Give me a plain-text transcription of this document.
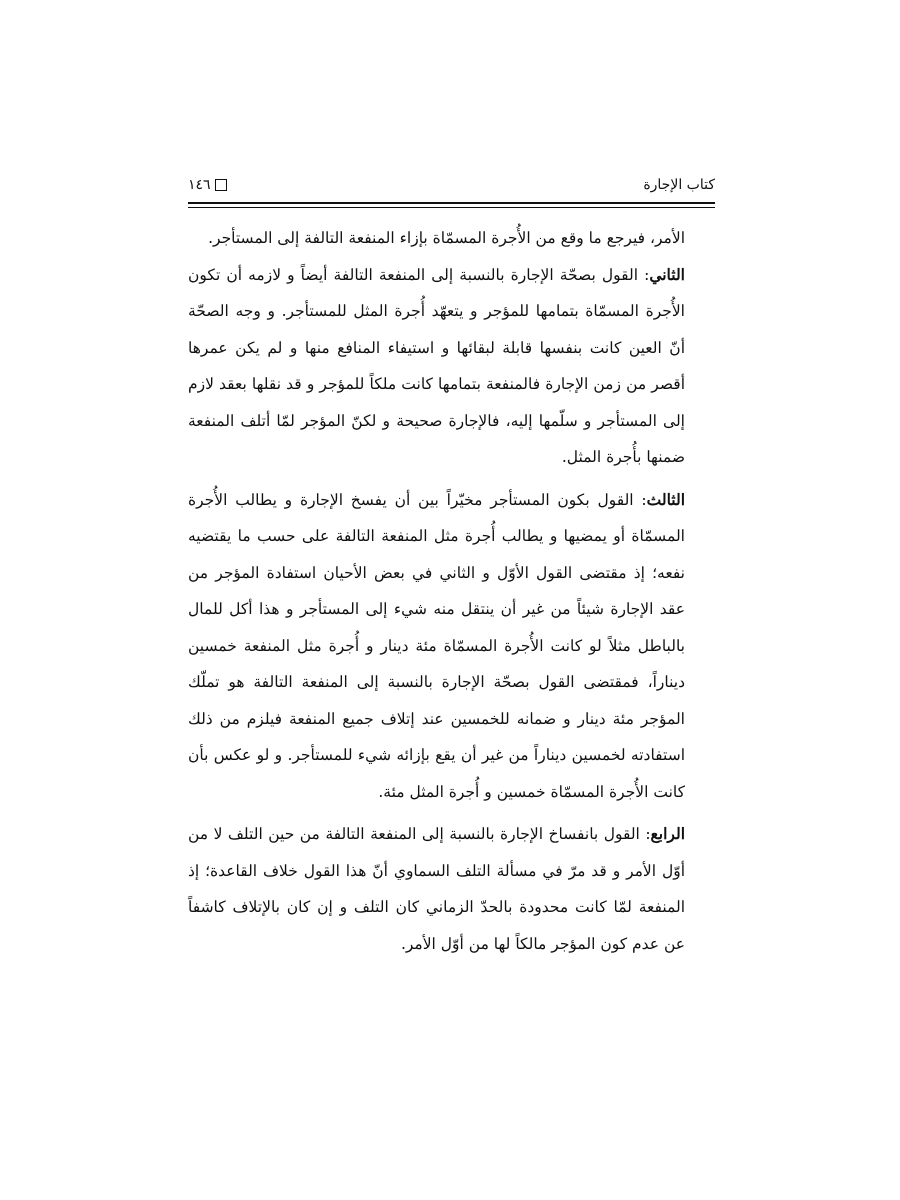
كتاب الإجارة
١٤٦

الأمر، فيرجع ما وقع من الأُجرة المسمّاة بإزاء المنفعة التالفة إلى المستأجر.

الثاني: القول بصحّة الإجارة بالنسبة إلى المنفعة التالفة أيضاً و لازمه أن تكون الأُجرة المسمّاة بتمامها للمؤجر و يتعهّد أُجرة المثل للمستأجر. و وجه الصحّة أنّ العين كانت بنفسها قابلة لبقائها و استيفاء المنافع منها و لم يكن عمرها أقصر من زمن الإجارة فالمنفعة بتمامها كانت ملكاً للمؤجر و قد نقلها بعقد لازم إلى المستأجر و سلّمها إليه، فالإجارة صحيحة و لكنّ المؤجر لمّا أتلف المنفعة ضمنها بأُجرة المثل.

الثالث: القول بكون المستأجر مخيّراً بين أن يفسخ الإجارة و يطالب الأُجرة المسمّاة أو يمضيها و يطالب أُجرة مثل المنفعة التالفة على حسب ما يقتضيه نفعه؛ إذ مقتضى القول الأوّل و الثاني في بعض الأحيان استفادة المؤجر من عقد الإجارة شيئاً من غير أن ينتقل منه شيء إلى المستأجر و هذا أكل للمال بالباطل مثلاً لو كانت الأُجرة المسمّاة مئة دينار و أُجرة مثل المنفعة خمسين ديناراً، فمقتضى القول بصحّة الإجارة بالنسبة إلى المنفعة التالفة هو تملّك المؤجر مئة دينار و ضمانه للخمسين عند إتلاف جميع المنفعة فيلزم من ذلك استفادته لخمسين ديناراً من غير أن يقع بإزائه شيء للمستأجر. و لو عكس بأن كانت الأُجرة المسمّاة خمسين و أُجرة المثل مئة.

الرابع: القول بانفساخ الإجارة بالنسبة إلى المنفعة التالفة من حين التلف لا من أوّل الأمر و قد مرّ في مسألة التلف السماوي أنّ هذا القول خلاف القاعدة؛ إذ المنفعة لمّا كانت محدودة بالحدّ الزماني كان التلف و إن كان بالإتلاف كاشفاً عن عدم كون المؤجر مالكاً لها من أوّل الأمر.
